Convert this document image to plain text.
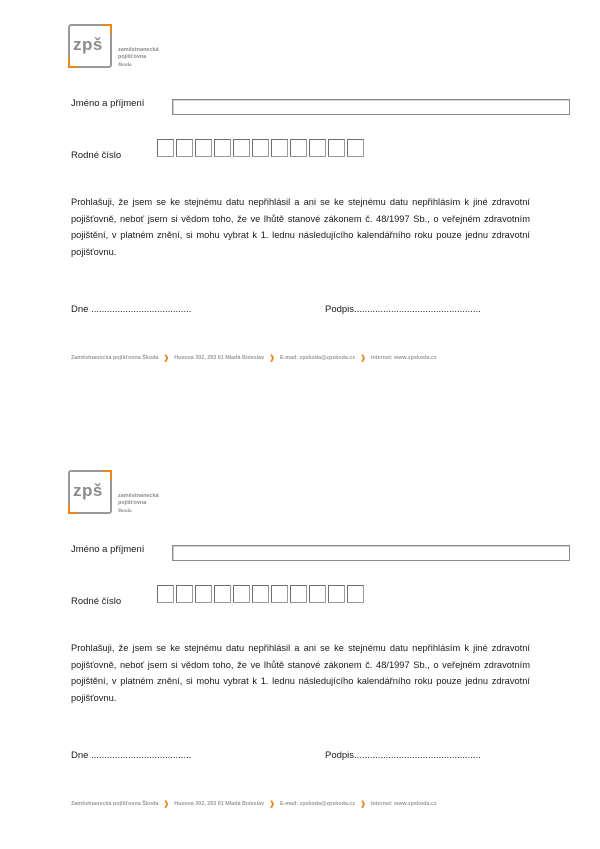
zpš	zaměstnanecká
pojišťovna
Škoda
Jméno a příjmení
Rodné číslo
Prohlašuji, že jsem se ke stejnému datu nepřihlásil a ani se ke stejnému datu nepřihlásím k jiné zdravotní pojišťovně, neboť jsem si vědom toho, že ve lhůtě stanové zákonem č. 48/1997 Sb., o veřejném zdravotním pojištění, v platném znění, si mohu vybrat k 1. lednu následujícího kalendářního roku pouze jednu zdravotní pojišťovnu.
Dne ......................................	Podpis................................................
Zaměstnanecká pojišťovna Škoda ❱ Husova 302, 293 01 Mladá Boleslav ❱ E-mail: zpskoda@zpskoda.cz ❱ Internet: www.zpskoda.cz
zpš	zaměstnanecká
pojišťovna
Škoda
Jméno a příjmení
Rodné číslo
Prohlašuji, že jsem se ke stejnému datu nepřihlásil a ani se ke stejnému datu nepřihlásím k jiné zdravotní pojišťovně, neboť jsem si vědom toho, že ve lhůtě stanové zákonem č. 48/1997 Sb., o veřejném zdravotním pojištění, v platném znění, si mohu vybrat k 1. lednu následujícího kalendářního roku pouze jednu zdravotní pojišťovnu.
Dne ......................................	Podpis................................................
Zaměstnanecká pojišťovna Škoda ❱ Husova 302, 293 01 Mladá Boleslav ❱ E-mail: zpskoda@zpskoda.cz ❱ Internet: www.zpskoda.cz
